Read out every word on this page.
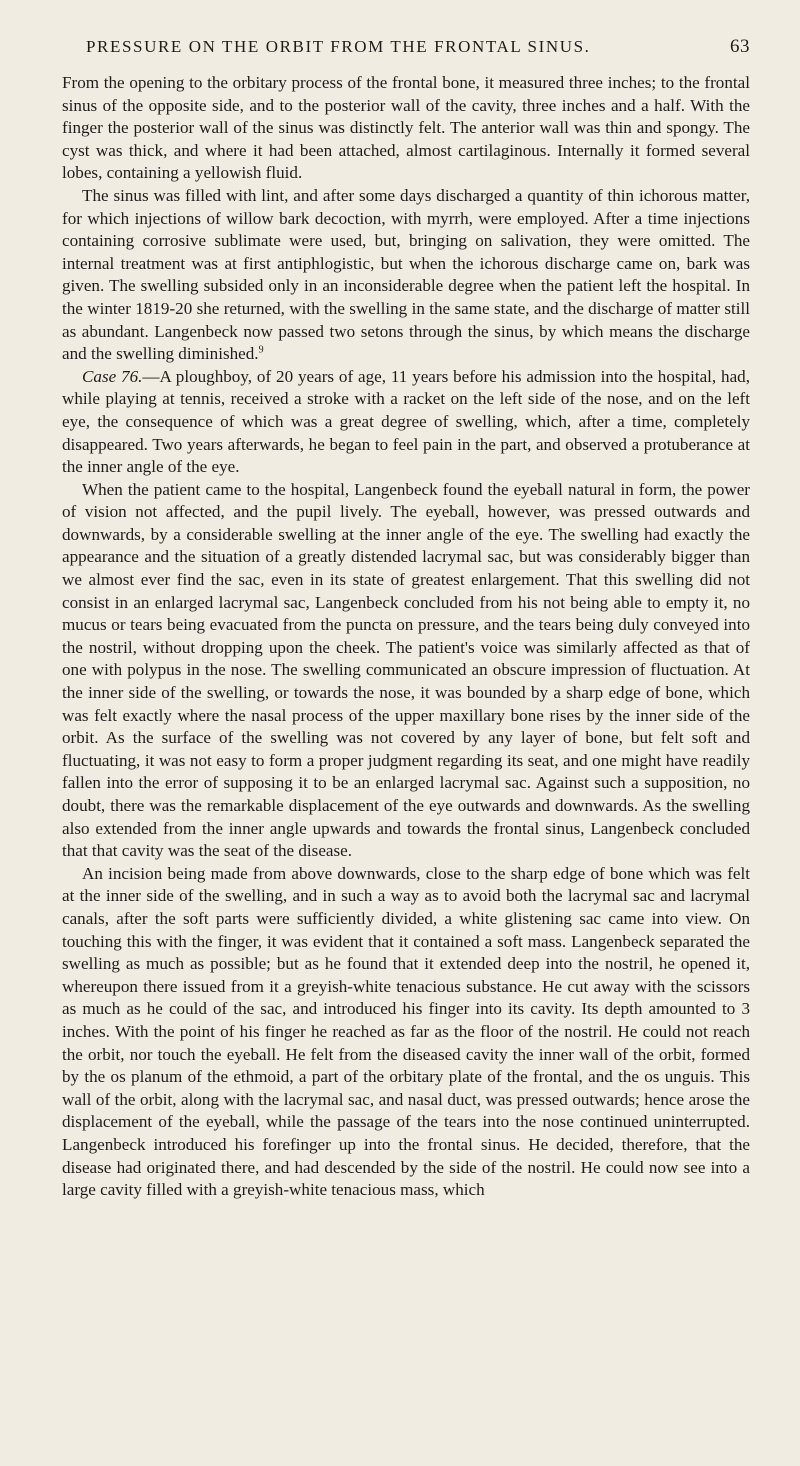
PRESSURE ON THE ORBIT FROM THE FRONTAL SINUS.	63

From the opening to the orbitary process of the frontal bone, it measured three inches; to the frontal sinus of the opposite side, and to the posterior wall of the cavity, three inches and a half. With the finger the posterior wall of the sinus was distinctly felt. The anterior wall was thin and spongy. The cyst was thick, and where it had been attached, almost cartilaginous. Internally it formed several lobes, containing a yellowish fluid.

The sinus was filled with lint, and after some days discharged a quantity of thin ichorous matter, for which injections of willow bark decoction, with myrrh, were employed. After a time injections containing corrosive sublimate were used, but, bringing on salivation, they were omitted. The internal treatment was at first antiphlogistic, but when the ichorous discharge came on, bark was given. The swelling subsided only in an inconsiderable degree when the patient left the hospital. In the winter 1819-20 she returned, with the swelling in the same state, and the discharge of matter still as abundant. Langenbeck now passed two setons through the sinus, by which means the discharge and the swelling diminished.$^9$

Case 76.—A ploughboy, of 20 years of age, 11 years before his admission into the hospital, had, while playing at tennis, received a stroke with a racket on the left side of the nose, and on the left eye, the consequence of which was a great degree of swelling, which, after a time, completely disappeared. Two years afterwards, he began to feel pain in the part, and observed a protuberance at the inner angle of the eye.

When the patient came to the hospital, Langenbeck found the eyeball natural in form, the power of vision not affected, and the pupil lively. The eyeball, however, was pressed outwards and downwards, by a considerable swelling at the inner angle of the eye. The swelling had exactly the appearance and the situation of a greatly distended lacrymal sac, but was considerably bigger than we almost ever find the sac, even in its state of greatest enlargement. That this swelling did not consist in an enlarged lacrymal sac, Langenbeck concluded from his not being able to empty it, no mucus or tears being evacuated from the puncta on pressure, and the tears being duly conveyed into the nostril, without dropping upon the cheek. The patient's voice was similarly affected as that of one with polypus in the nose. The swelling communicated an obscure impression of fluctuation. At the inner side of the swelling, or towards the nose, it was bounded by a sharp edge of bone, which was felt exactly where the nasal process of the upper maxillary bone rises by the inner side of the orbit. As the surface of the swelling was not covered by any layer of bone, but felt soft and fluctuating, it was not easy to form a proper judgment regarding its seat, and one might have readily fallen into the error of supposing it to be an enlarged lacrymal sac. Against such a supposition, no doubt, there was the remarkable displacement of the eye outwards and downwards. As the swelling also extended from the inner angle upwards and towards the frontal sinus, Langenbeck concluded that that cavity was the seat of the disease.

An incision being made from above downwards, close to the sharp edge of bone which was felt at the inner side of the swelling, and in such a way as to avoid both the lacrymal sac and lacrymal canals, after the soft parts were sufficiently divided, a white glistening sac came into view. On touching this with the finger, it was evident that it contained a soft mass. Langenbeck separated the swelling as much as possible; but as he found that it extended deep into the nostril, he opened it, whereupon there issued from it a greyish-white tenacious substance. He cut away with the scissors as much as he could of the sac, and introduced his finger into its cavity. Its depth amounted to 3 inches. With the point of his finger he reached as far as the floor of the nostril. He could not reach the orbit, nor touch the eyeball. He felt from the diseased cavity the inner wall of the orbit, formed by the os planum of the ethmoid, a part of the orbitary plate of the frontal, and the os unguis. This wall of the orbit, along with the lacrymal sac, and nasal duct, was pressed outwards; hence arose the displacement of the eyeball, while the passage of the tears into the nose continued uninterrupted. Langenbeck introduced his forefinger up into the frontal sinus. He decided, therefore, that the disease had originated there, and had descended by the side of the nostril. He could now see into a large cavity filled with a greyish-white tenacious mass, which
